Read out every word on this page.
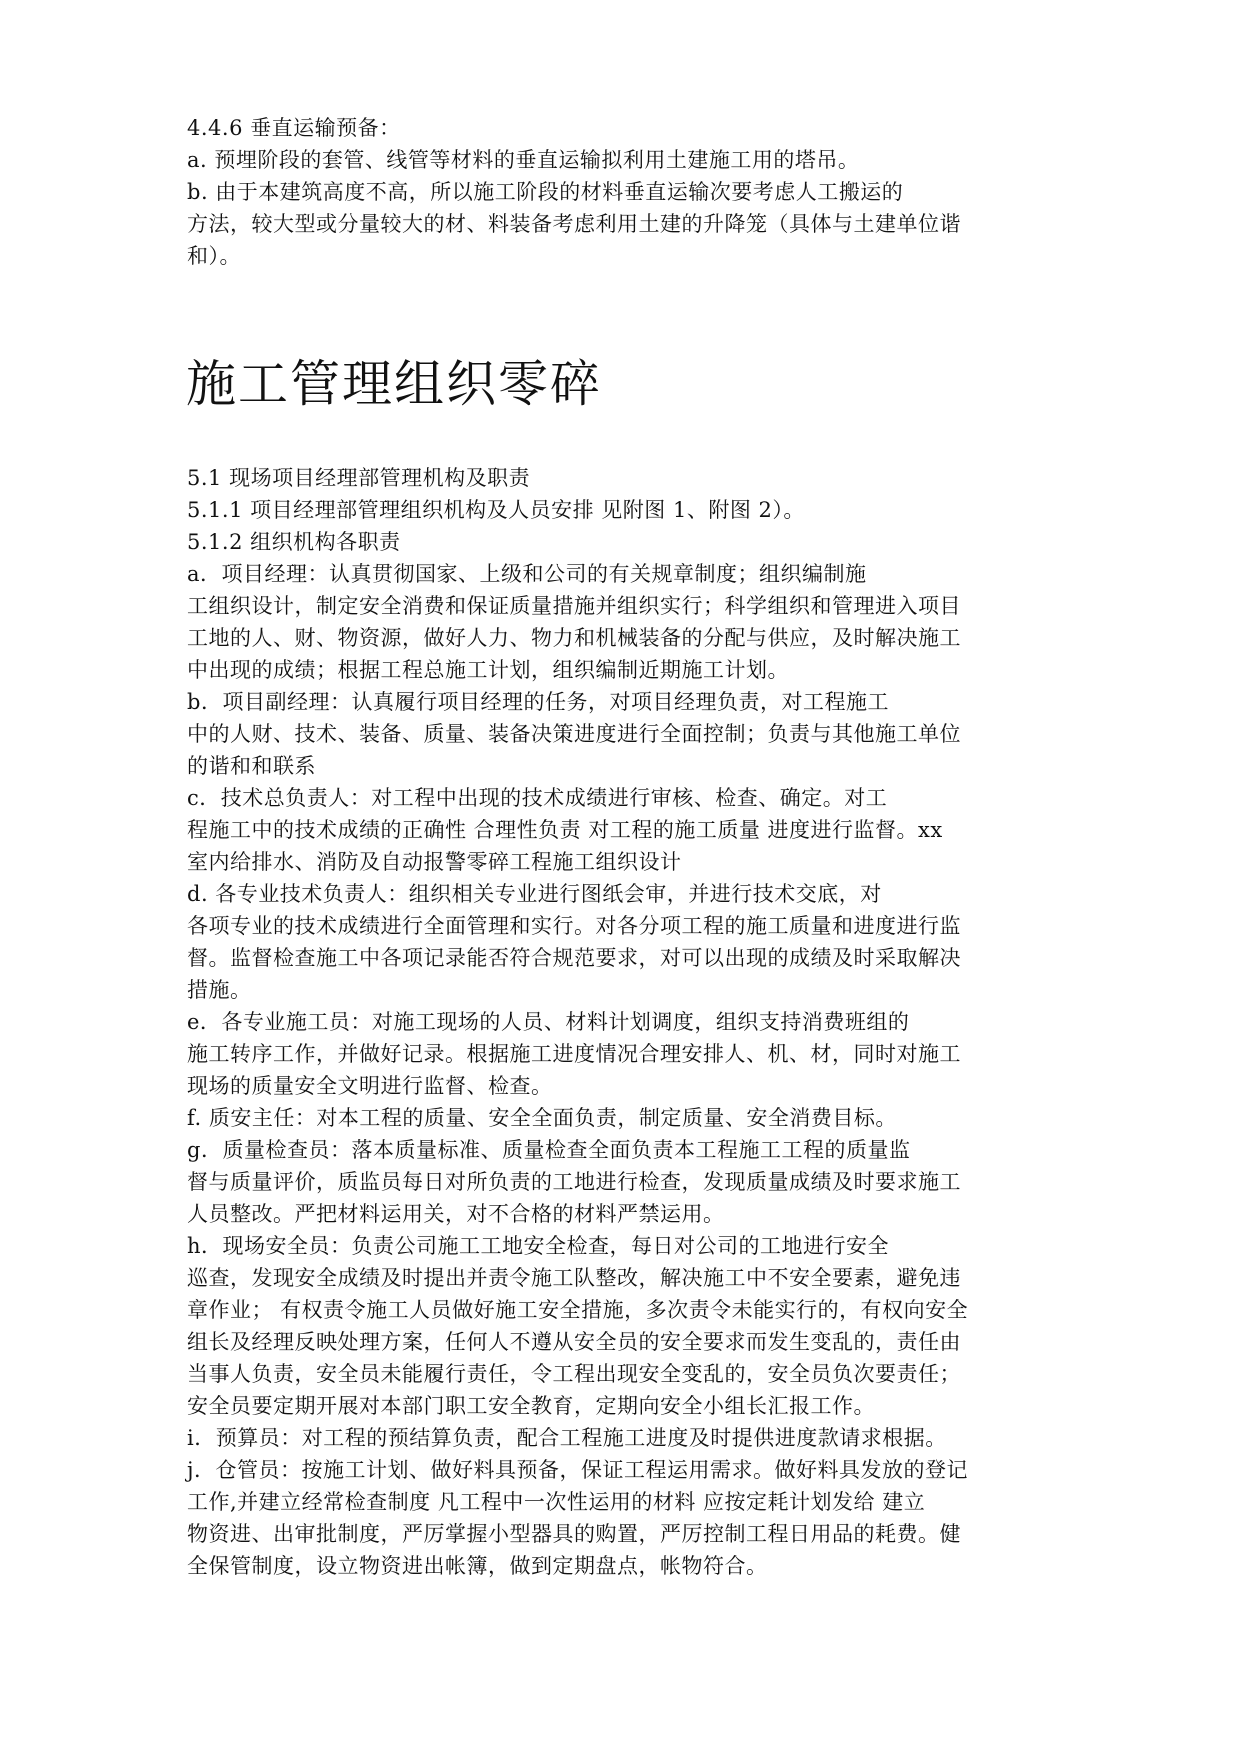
4.4.6 垂直运输预备：
a. 预埋阶段的套管、线管等材料的垂直运输拟利用土建施工用的塔吊。
b. 由于本建筑高度不高，所以施工阶段的材料垂直运输次要考虑人工搬运的
方法，较大型或分量较大的材、料装备考虑利用土建的升降笼（具体与土建单位谐
和）。
施工管理组织零碎
5.1 现场项目经理部管理机构及职责
5.1.1 项目经理部管理组织机构及人员安排 见附图 1、附图 2）。
5.1.2 组织机构各职责
a．项目经理：认真贯彻国家、上级和公司的有关规章制度；组织编制施
工组织设计，制定安全消费和保证质量措施并组织实行；科学组织和管理进入项目
工地的人、财、物资源，做好人力、物力和机械装备的分配与供应，及时解决施工
中出现的成绩；根据工程总施工计划，组织编制近期施工计划。
b．项目副经理：认真履行项目经理的任务，对项目经理负责，对工程施工
中的人财、技术、装备、质量、装备决策进度进行全面控制；负责与其他施工单位
的谐和和联系
c．技术总负责人：对工程中出现的技术成绩进行审核、检查、确定。对工
程施工中的技术成绩的正确性 合理性负责 对工程的施工质量 进度进行监督。xx
室内给排水、消防及自动报警零碎工程施工组织设计
d. 各专业技术负责人：组织相关专业进行图纸会审，并进行技术交底，对
各项专业的技术成绩进行全面管理和实行。对各分项工程的施工质量和进度进行监
督。监督检查施工中各项记录能否符合规范要求，对可以出现的成绩及时采取解决
措施。
e．各专业施工员：对施工现场的人员、材料计划调度，组织支持消费班组的
施工转序工作，并做好记录。根据施工进度情况合理安排人、机、材，同时对施工
现场的质量安全文明进行监督、检查。
f. 质安主任：对本工程的质量、安全全面负责，制定质量、安全消费目标。
g．质量检查员：落本质量标准、质量检查全面负责本工程施工工程的质量监
督与质量评价，质监员每日对所负责的工地进行检查，发现质量成绩及时要求施工
人员整改。严把材料运用关，对不合格的材料严禁运用。
h．现场安全员：负责公司施工工地安全检查，每日对公司的工地进行安全
巡查，发现安全成绩及时提出并责令施工队整改，解决施工中不安全要素，避免违
章作业； 有权责令施工人员做好施工安全措施，多次责令未能实行的，有权向安全
组长及经理反映处理方案，任何人不遵从安全员的安全要求而发生变乱的，责任由
当事人负责，安全员未能履行责任，令工程出现安全变乱的，安全员负次要责任；
安全员要定期开展对本部门职工安全教育，定期向安全小组长汇报工作。
i．预算员：对工程的预结算负责，配合工程施工进度及时提供进度款请求根据。
j．仓管员：按施工计划、做好料具预备，保证工程运用需求。做好料具发放的登记
工作,并建立经常检查制度 凡工程中一次性运用的材料 应按定耗计划发给 建立
物资进、出审批制度，严厉掌握小型器具的购置，严厉控制工程日用品的耗费。健
全保管制度，设立物资进出帐簿，做到定期盘点，帐物符合。
